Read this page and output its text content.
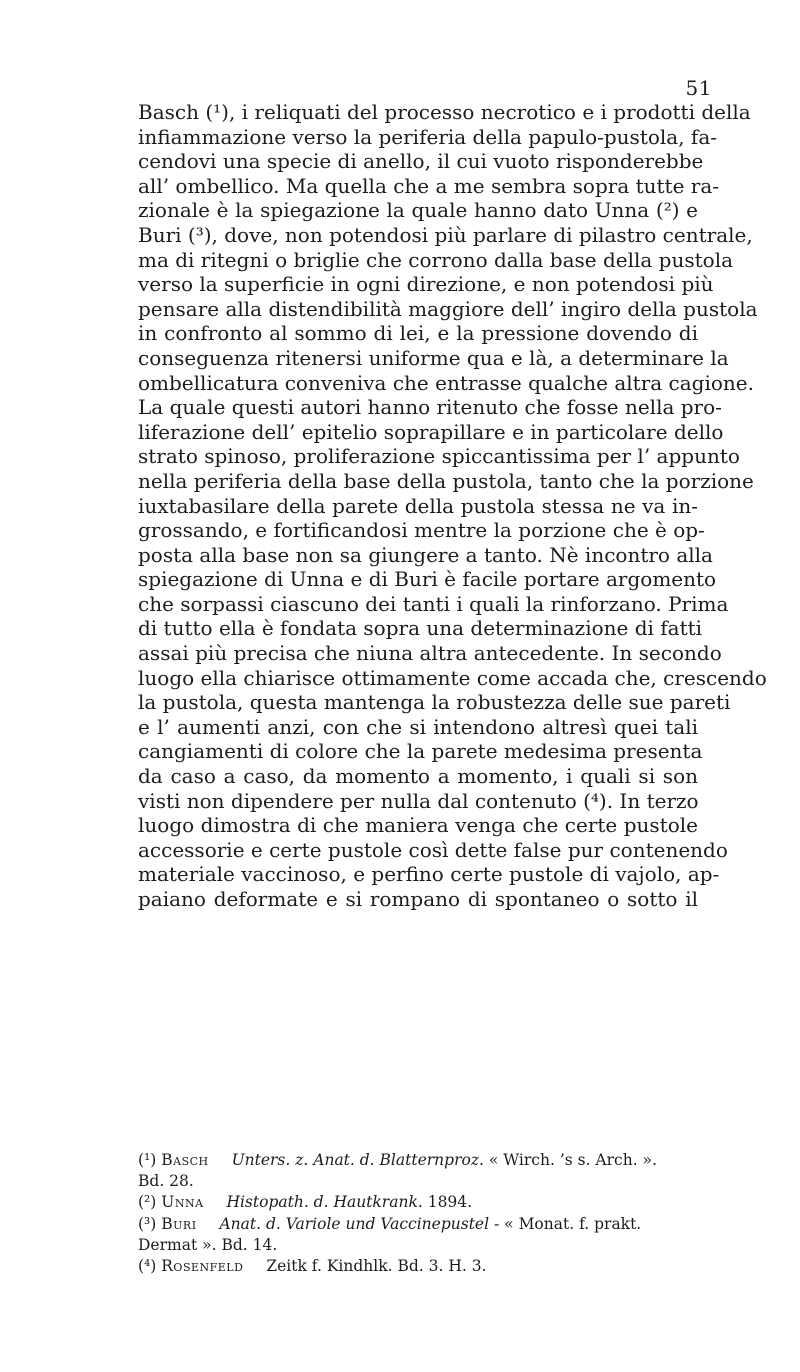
51
Basch (¹), i reliquati del processo necrotico e i prodotti della
infiammazione verso la periferia della papulo-pustola, fa-
cendovi una specie di anello, il cui vuoto risponderebbe
all’ ombellico. Ma quella che a me sembra sopra tutte ra-
zionale è la spiegazione la quale hanno dato Unna (²) e
Buri (³), dove, non potendosi più parlare di pilastro centrale,
ma di ritegni o briglie che corrono dalla base della pustola
verso la superficie in ogni direzione, e non potendosi più
pensare alla distendibilità maggiore dell’ ingiro della pustola
in confronto al sommo di lei, e la pressione dovendo di
conseguenza ritenersi uniforme qua e là, a determinare la
ombellicatura conveniva che entrasse qualche altra cagione.
La quale questi autori hanno ritenuto che fosse nella pro-
liferazione dell’ epitelio soprapillare e in particolare dello
strato spinoso, proliferazione spiccantissima per l’ appunto
nella periferia della base della pustola, tanto che la porzione
iuxtabasilare della parete della pustola stessa ne va in-
grossando, e fortificandosi mentre la porzione che è op-
posta alla base non sa giungere a tanto. Nè incontro alla
spiegazione di Unna e di Buri è facile portare argomento
che sorpassi ciascuno dei tanti i quali la rinforzano. Prima
di tutto ella è fondata sopra una determinazione di fatti
assai più precisa che niuna altra antecedente. In secondo
luogo ella chiarisce ottimamente come accada che, crescendo
la pustola, questa mantenga la robustezza delle sue pareti
e l’ aumenti anzi, con che si intendono altresì quei tali
cangiamenti di colore che la parete medesima presenta
da caso a caso, da momento a momento, i quali si son
visti non dipendere per nulla dal contenuto (⁴). In terzo
luogo dimostra di che maniera venga che certe pustole
accessorie e certe pustole così dette false pur contenendo
materiale vaccinoso, e perfino certe pustole di vajolo, ap-
paiano deformate e si rompano di spontaneo o sotto il
(¹) Basch Unters. z. Anat. d. Blatternproz. « Wirch. ’s s. Arch. ».
Bd. 28.
(²) Unna Histopath. d. Hautkrank. 1894.
(³) Buri Anat. d. Variole und Vaccinepustel - « Monat. f. prakt.
Dermat ». Bd. 14.
(⁴) Rosenfeld Zeitk f. Kindhlk. Bd. 3. H. 3.
